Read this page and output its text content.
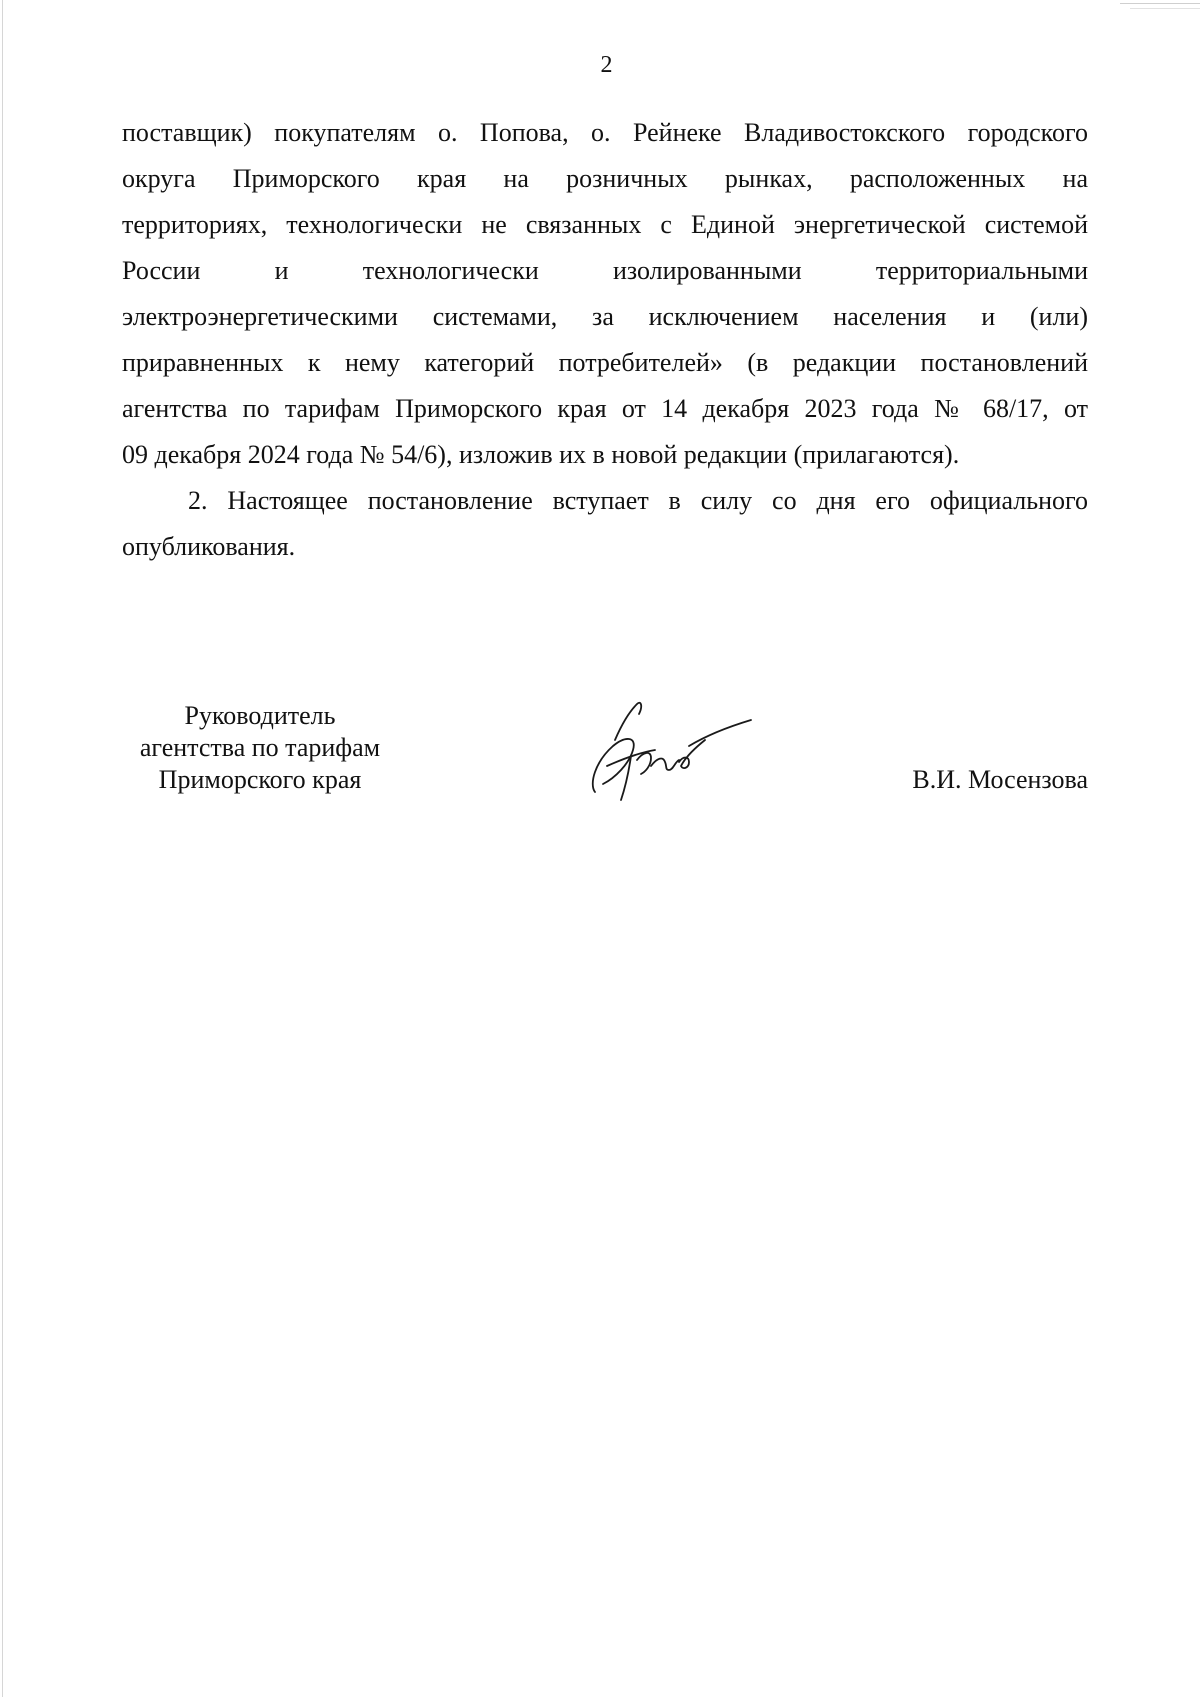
2
поставщик) покупателям о. Попова, о. Рейнеке Владивостокского городского
округа Приморского края на розничных рынках, расположенных на
территориях, технологически не связанных с Единой энергетической системой
России и технологически изолированными территориальными
электроэнергетическими системами, за исключением населения и (или)
приравненных к нему категорий потребителей» (в редакции постановлений
агентства по тарифам Приморского края от 14 декабря 2023 года № 68/17, от
09 декабря 2024 года № 54/6), изложив их в новой редакции (прилагаются).
2. Настоящее постановление вступает в силу со дня его официального
опубликования.
Руководитель
агентства по тарифам
Приморского края	В.И. Мосензова
